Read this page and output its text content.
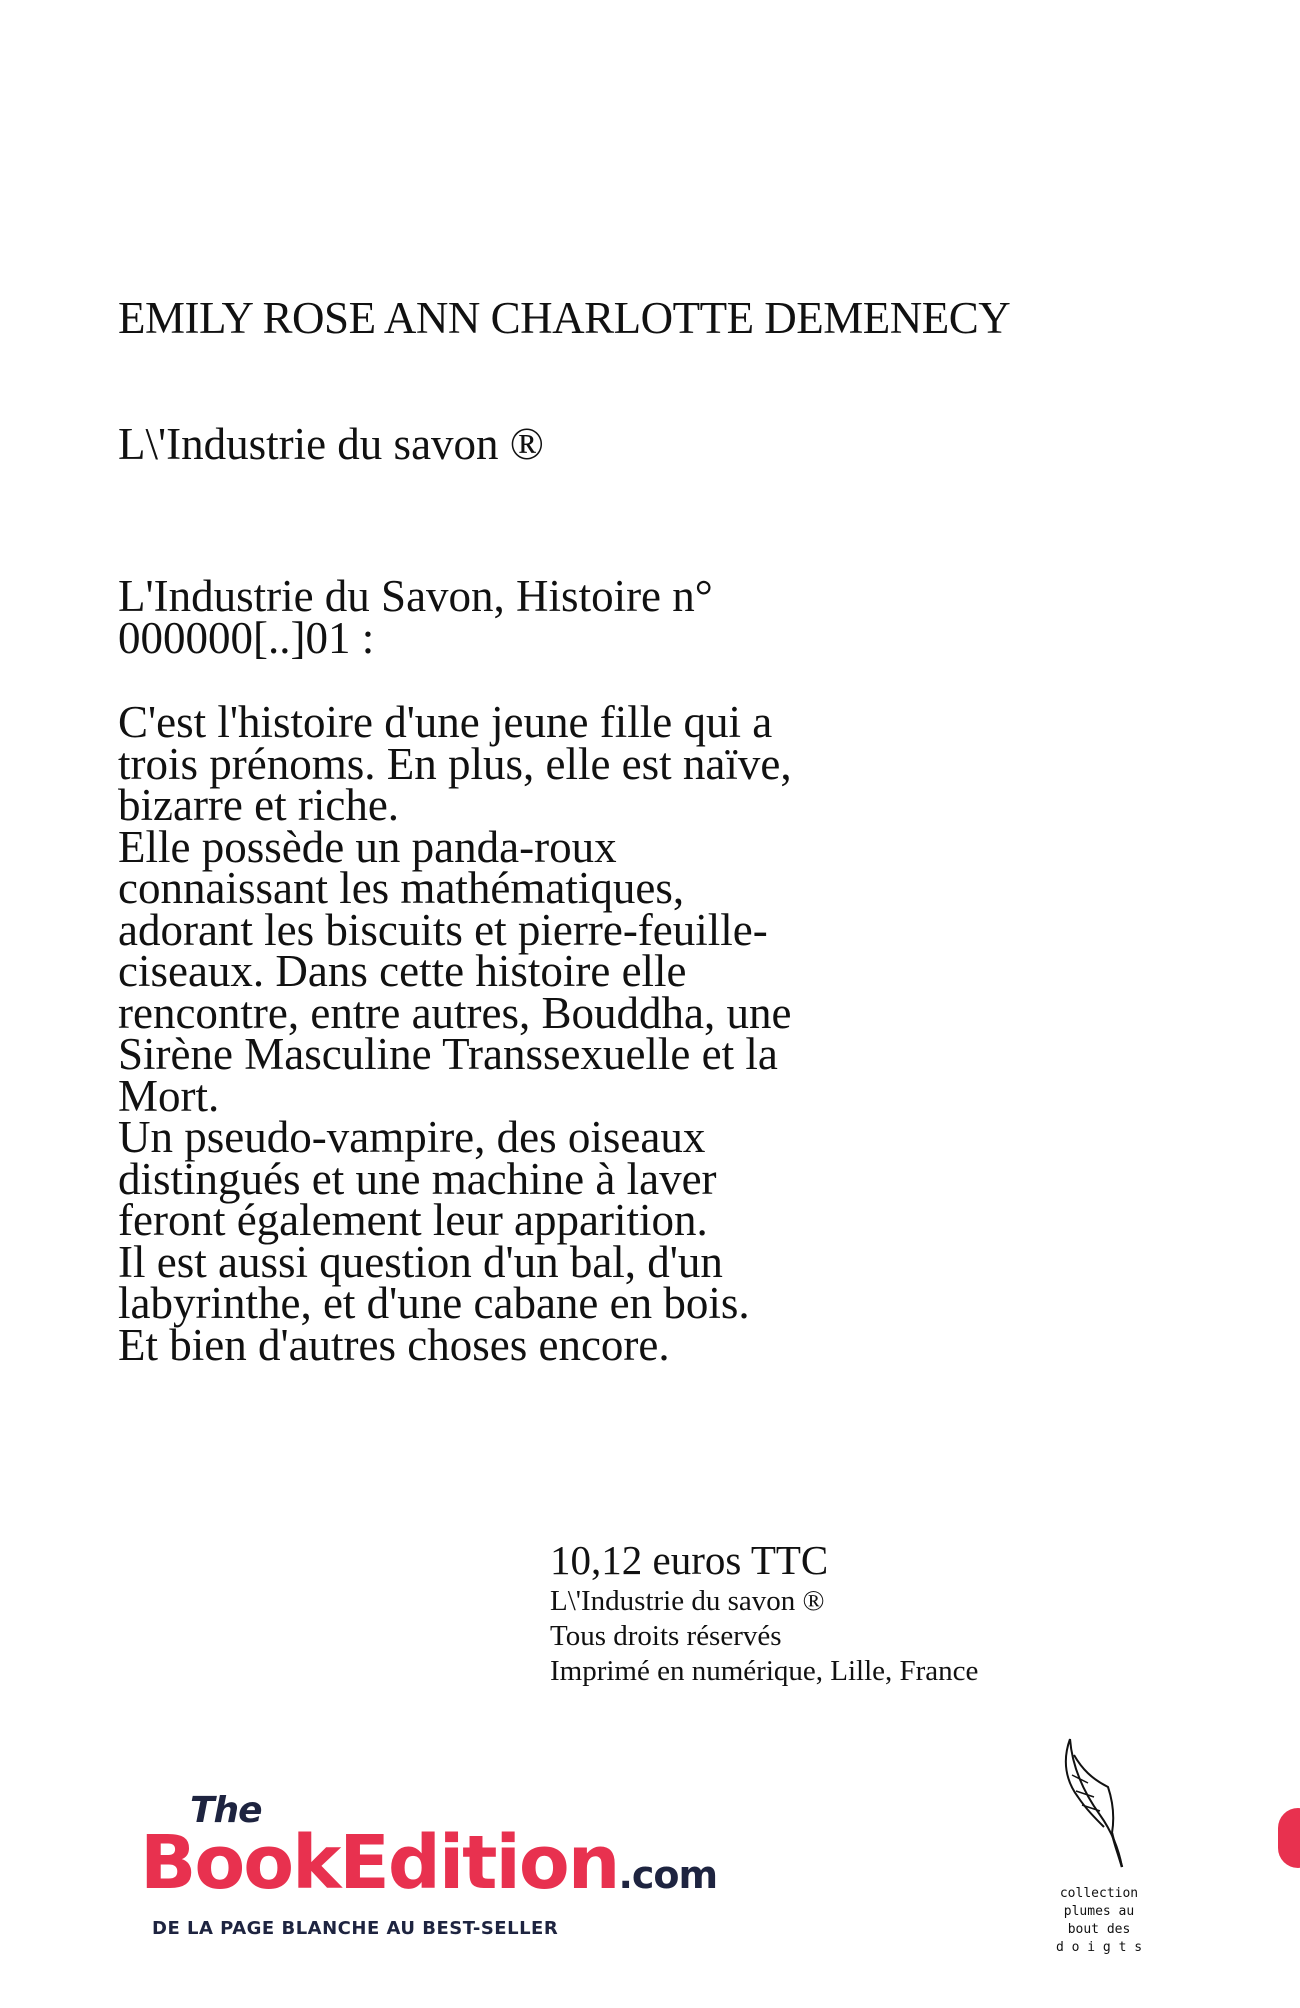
EMILY ROSE ANN CHARLOTTE DEMENECY
L\'Industrie du savon ®
L'Industrie du Savon, Histoire n°
000000[..]01 :
C'est l'histoire d'une jeune fille qui a
trois prénoms. En plus, elle est naïve,
bizarre et riche.
Elle possède un panda-roux
connaissant les mathématiques,
adorant les biscuits et pierre-feuille-
ciseaux. Dans cette histoire elle
rencontre, entre autres, Bouddha, une
Sirène Masculine Transsexuelle et la
Mort.
Un pseudo-vampire, des oiseaux
distingués et une machine à laver
feront également leur apparition.
Il est aussi question d'un bal, d'un
labyrinthe, et d'une cabane en bois.
Et bien d'autres choses encore.
10,12 euros TTC
L\'Industrie du savon ®
Tous droits réservés
Imprimé en numérique, Lille, France
The
BookEdition.com
DE LA PAGE BLANCHE AU BEST-SELLER
collection
plumes au
bout des
d o i g t s
